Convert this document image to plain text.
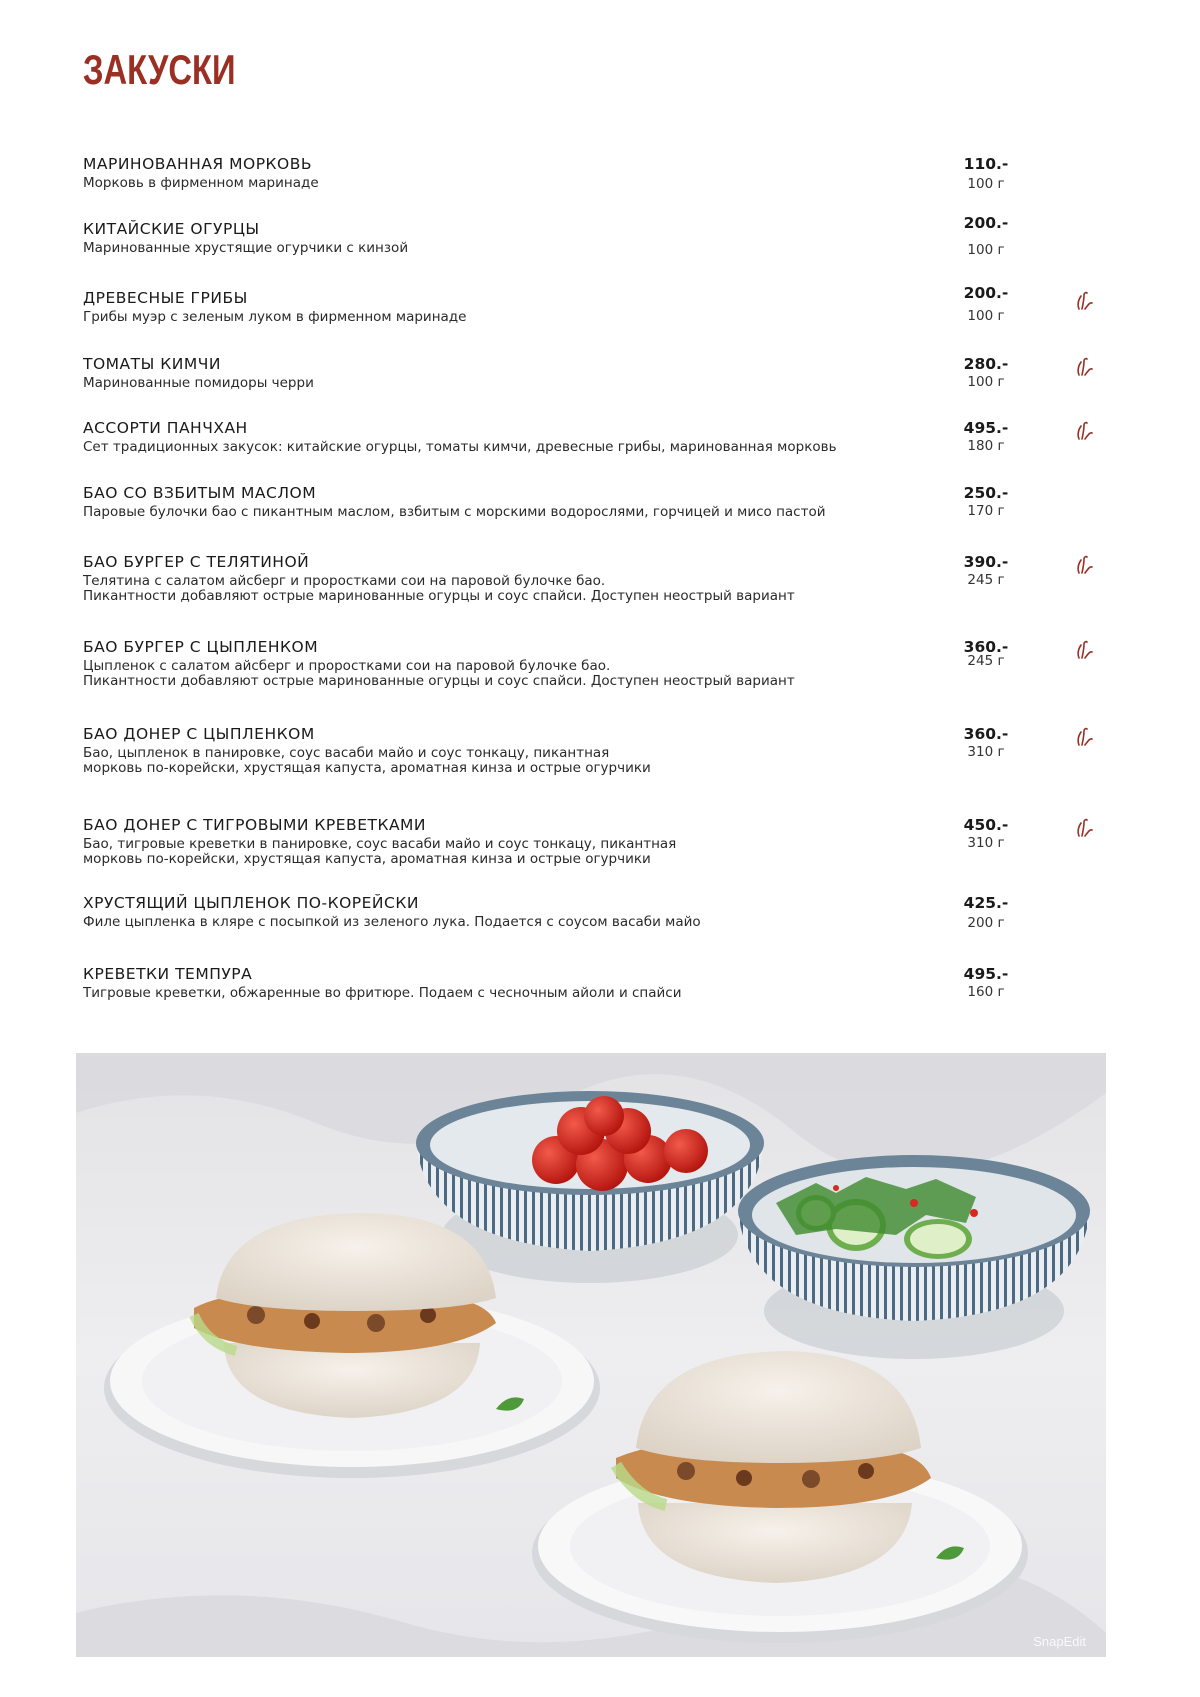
ЗАКУСКИ
МАРИНОВАННАЯ МОРКОВЬ
Морковь в фирменном маринаде
110.-
100 г
КИТАЙСКИЕ ОГУРЦЫ
Маринованные хрустящие огурчики с кинзой
200.-
100 г
ДРЕВЕСНЫЕ ГРИБЫ
Грибы муэр с зеленым луком в фирменном маринаде
200.-
100 г
ТОМАТЫ КИМЧИ
Маринованные помидоры черри
280.-
100 г
АССОРТИ ПАНЧХАН
Сет традиционных закусок: китайские огурцы, томаты кимчи, древесные грибы, маринованная морковь
495.-
180 г
БАО СО ВЗБИТЫМ МАСЛОМ
Паровые булочки бао с пикантным маслом, взбитым с морскими водорослями, горчицей и мисо пастой
250.-
170 г
БАО БУРГЕР С ТЕЛЯТИНОЙ
Телятина с салатом айсберг и проростками сои на паровой булочке бао.
Пикантности добавляют острые маринованные огурцы и соус спайси. Доступен неострый вариант
390.-
245 г
БАО БУРГЕР С ЦЫПЛЕНКОМ
Цыпленок с салатом айсберг и проростками сои на паровой булочке бао.
Пикантности добавляют острые маринованные огурцы и соус спайси. Доступен неострый вариант
360.-
245 г
БАО ДОНЕР С ЦЫПЛЕНКОМ
Бао, цыпленок в панировке, соус васаби майо и соус тонкацу, пикантная
морковь по-корейски, хрустящая капуста, ароматная кинза и острые огурчики
360.-
310 г
БАО ДОНЕР С ТИГРОВЫМИ КРЕВЕТКАМИ
Бао, тигровые креветки в панировке, соус васаби майо и соус тонкацу, пикантная
морковь по-корейски, хрустящая капуста, ароматная кинза и острые огурчики
450.-
310 г
ХРУСТЯЩИЙ ЦЫПЛЕНОК ПО-КОРЕЙСКИ
Филе цыпленка в кляре с посыпкой из зеленого лука. Подается с соусом васаби майо
425.-
200 г
КРЕВЕТКИ ТЕМПУРА
Тигровые креветки, обжаренные во фритюре. Подаем с чесночным айоли и спайси
495.-
160 г
SnapEdit
